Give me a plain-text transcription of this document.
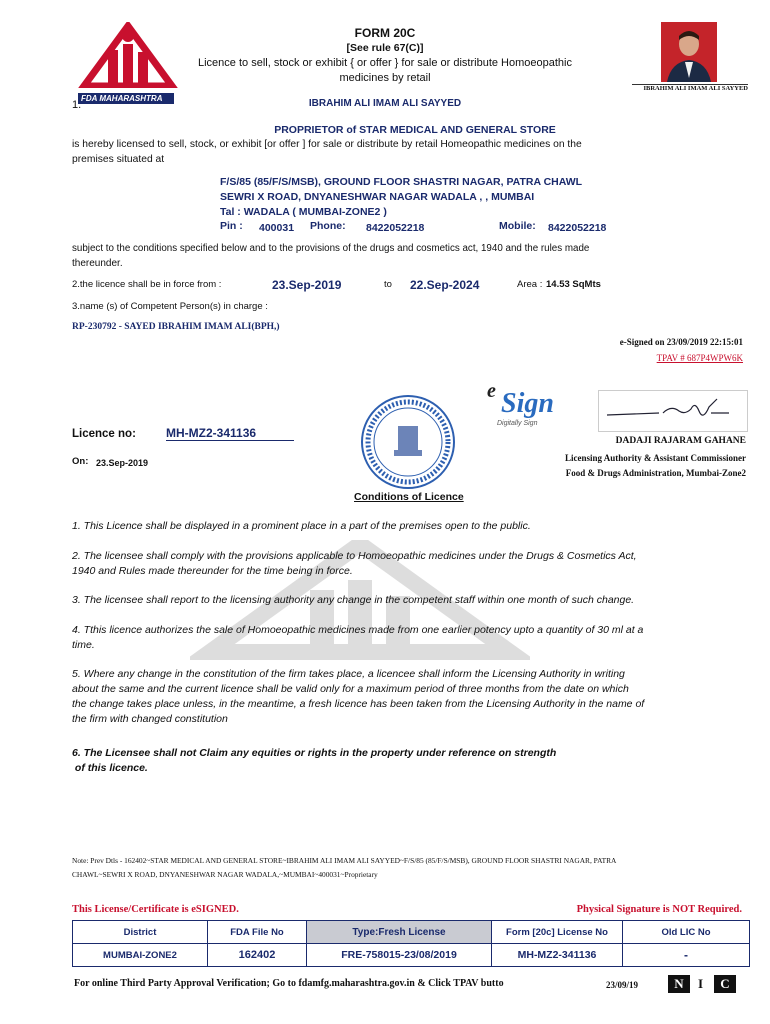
FDA MAHARASHTRA
FORM 20C
[See rule 67(C)]
Licence to sell, stock or exhibit { or offer } for sale or distribute Homoeopathic
medicines by retail
IBRAHIM ALI IMAM ALI SAYYED
1.	IBRAHIM ALI IMAM ALI SAYYED
PROPRIETOR of STAR MEDICAL AND GENERAL STORE
is hereby licensed to sell, stock, or exhibit [or offer ] for sale or distribute by retail Homeopathic medicines on the
premises situated at
F/S/85 (85/F/S/MSB), GROUND FLOOR SHASTRI NAGAR, PATRA CHAWL
SEWRI X ROAD, DNYANESHWAR NAGAR WADALA , , MUMBAI
Tal : WADALA ( MUMBAI-ZONE2 )
Pin : 400031 Phone: 8422052218	Mobile: 8422052218
subject to the conditions specified below and to the provisions of the drugs and cosmetics act, 1940 and the rules made
thereunder.
2.the licence shall be in force from :	23.Sep-2019	to 22.Sep-2024	Area : 14.53 SqMts
3.name (s) of Competent Person(s) in charge :
RP-230792 - SAYED IBRAHIM IMAM ALI(BPH,)
e-Signed on 23/09/2019 22:15:01
TPAV # 687P4WPW6K
e Sign
Digitally Sign
Licence no:	MH-MZ2-341136
On: 23.Sep-2019
DADAJI RAJARAM GAHANE
Licensing Authority & Assistant Commissioner
Food & Drugs Administration, Mumbai-Zone2
Conditions of Licence
1. This Licence shall be displayed in a prominent place in a part of the premises open to the public.
2. The licensee shall comply with the provisions applicable to Homoeopathic medicines under the Drugs & Cosmetics Act,
1940 and Rules made thereunder for the time being in force.
3. The licensee shall report to the licensing authority any change in the competent staff within one month of such change.
4. Tthis licence authorizes the sale of Homoeopathic medicines made from one earlier potency upto a quantity of 30 ml at a
time.
5. Where any change in the constitution of the firm takes place, a licencee shall inform the Licensing Authority in writing
about the same and the current licence shall be valid only for a maximum period of three months from the date on which
the change takes place unless, in the meantime, a fresh licence has been taken from the Licensing Authority in the name of
the firm with changed constitution
6. The Licensee shall not Claim any equities or rights in the property under reference on strength
of this licence.
Note: Prev Dtls - 162402~STAR MEDICAL AND GENERAL STORE~IBRAHIM ALI IMAM ALI SAYYED~F/S/85 (85/F/S/MSB), GROUND FLOOR SHASTRI NAGAR, PATRA
CHAWL~SEWRI X ROAD, DNYANESHWAR NAGAR WADALA,~MUMBAI~400031~Proprietary
This License/Certificate is eSIGNED.	Physical Signature is NOT Required.
District	FDA File No	Type:Fresh License	Form [20c] License No	Old LIC No
MUMBAI-ZONE2	162402	FRE-758015-23/08/2019	MH-MZ2-341136	-
For online Third Party Approval Verification; Go to fdamfg.maharashtra.gov.in & Click TPAV butto	23/09/19	N	I	C
